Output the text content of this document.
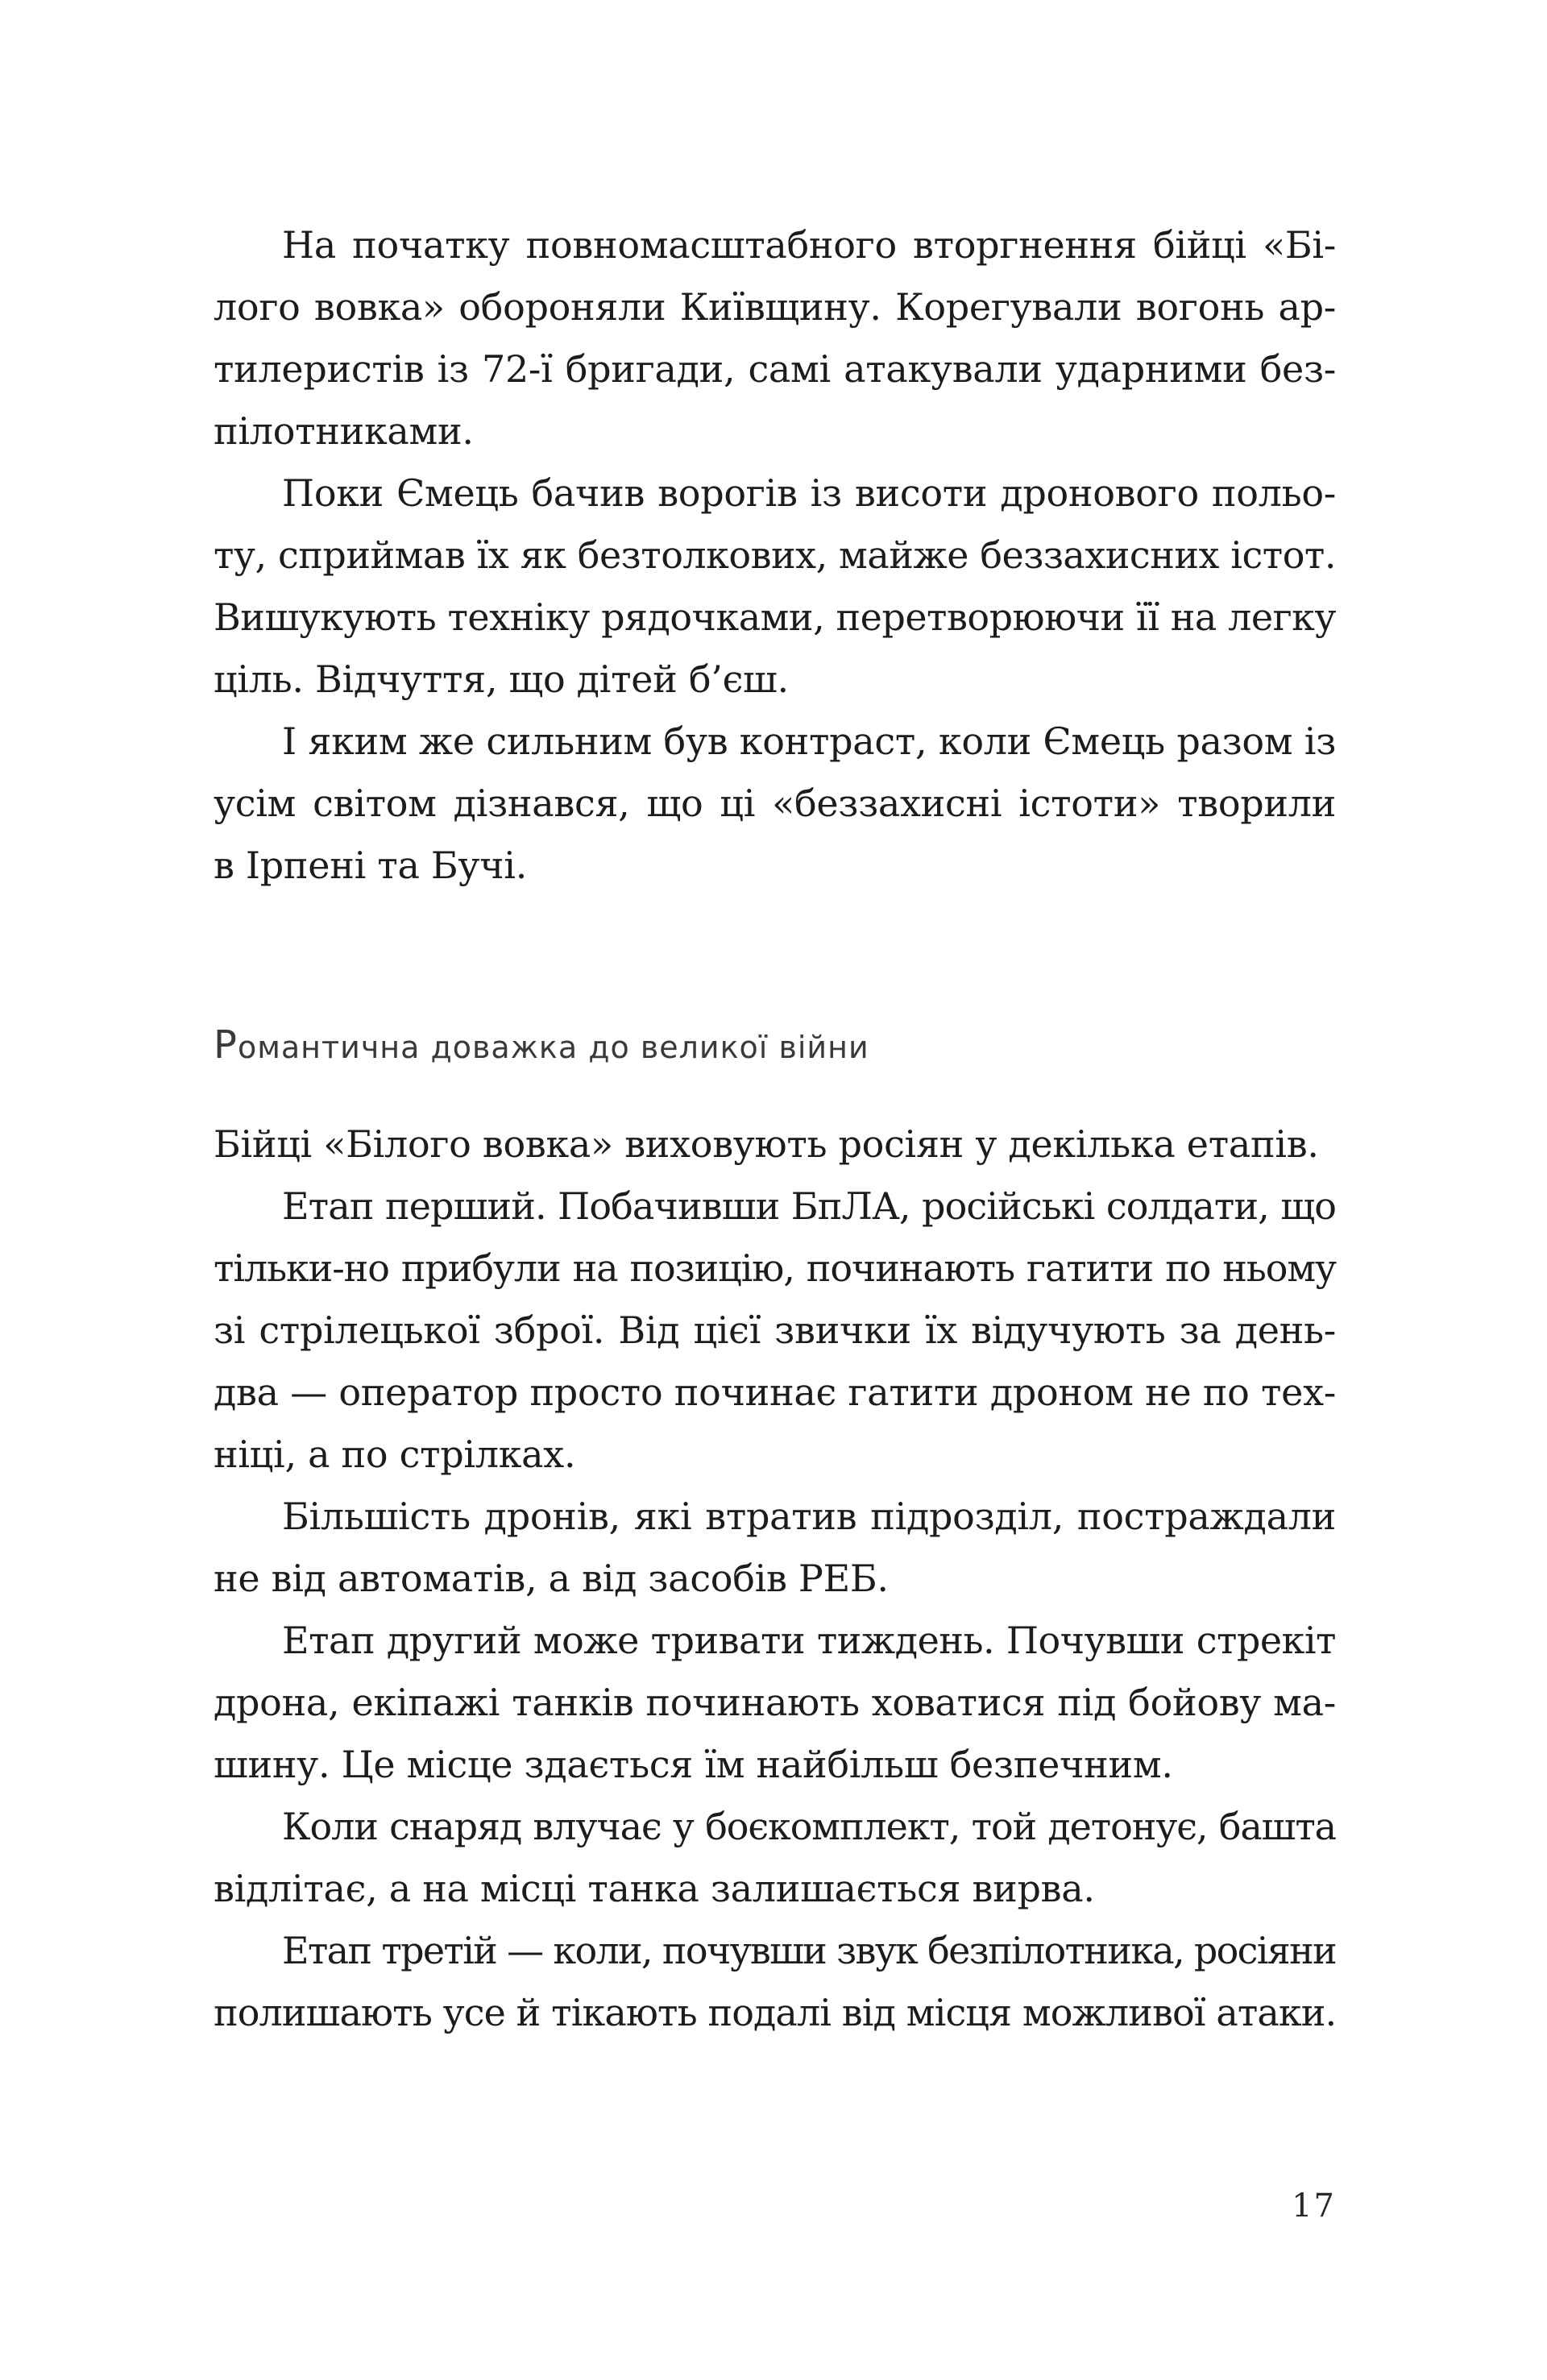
На початку повномасштабного вторгнення бійці «Бі-
лого вовка» обороняли Київщину. Корегували вогонь ар-
тилеристів із 72-ї бригади, самі атакували ударними без-
пілотниками.
Поки Ємець бачив ворогів із висоти дронового польо-
ту, сприймав їх як безтолкових, майже беззахисних істот.
Вишукують техніку рядочками, перетворюючи її на легку
ціль. Відчуття, що дітей б’єш.
І яким же сильним був контраст, коли Ємець разом із
усім світом дізнався, що ці «беззахисні істоти» творили
в Ірпені та Бучі.
Романтична доважка до великої війни
Бійці «Білого вовка» виховують росіян у декілька етапів.
Етап перший. Побачивши БпЛА, російські солдати, що
тільки-но прибули на позицію, починають гатити по ньому
зі стрілецької зброї. Від цієї звички їх відучують за день-
два — оператор просто починає гатити дроном не по тех-
ніці, а по стрілках.
Більшість дронів, які втратив підрозділ, постраждали
не від автоматів, а від засобів РЕБ.
Етап другий може тривати тиждень. Почувши стрекіт
дрона, екіпажі танків починають ховатися під бойову ма-
шину. Це місце здається їм найбільш безпечним.
Коли снаряд влучає у боєкомплект, той детонує, башта
відлітає, а на місці танка залишається вирва.
Етап третій — коли, почувши звук безпілотника, росіяни
полишають усе й тікають подалі від місця можливої атаки.
17
